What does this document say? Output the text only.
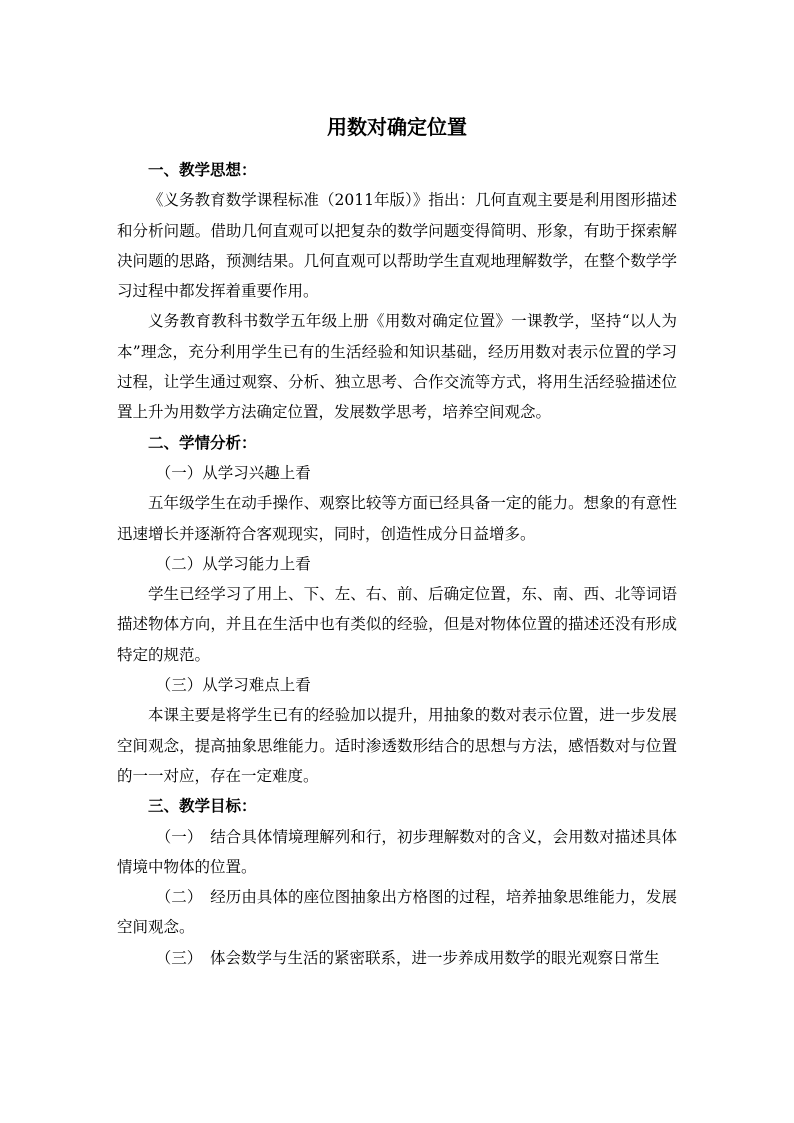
用数对确定位置

一、教学思想：

《义务教育数学课程标准（2011年版）》指出：几何直观主要是利用图形描述和分析问题。借助几何直观可以把复杂的数学问题变得简明、形象，有助于探索解决问题的思路，预测结果。几何直观可以帮助学生直观地理解数学，在整个数学学习过程中都发挥着重要作用。

义务教育教科书数学五年级上册《用数对确定位置》一课教学，坚持“以人为本”理念，充分利用学生已有的生活经验和知识基础，经历用数对表示位置的学习过程，让学生通过观察、分析、独立思考、合作交流等方式，将用生活经验描述位置上升为用数学方法确定位置，发展数学思考，培养空间观念。

二、学情分析：

（一）从学习兴趣上看

五年级学生在动手操作、观察比较等方面已经具备一定的能力。想象的有意性迅速增长并逐渐符合客观现实，同时，创造性成分日益增多。

（二）从学习能力上看

学生已经学习了用上、下、左、右、前、后确定位置，东、南、西、北等词语描述物体方向，并且在生活中也有类似的经验，但是对物体位置的描述还没有形成特定的规范。

（三）从学习难点上看

本课主要是将学生已有的经验加以提升，用抽象的数对表示位置，进一步发展空间观念，提高抽象思维能力。适时渗透数形结合的思想与方法，感悟数对与位置的一一对应，存在一定难度。

三、教学目标：

（一）　结合具体情境理解列和行，初步理解数对的含义，会用数对描述具体情境中物体的位置。

（二）　经历由具体的座位图抽象出方格图的过程，培养抽象思维能力，发展空间观念。

（三）　体会数学与生活的紧密联系，进一步养成用数学的眼光观察日常生
